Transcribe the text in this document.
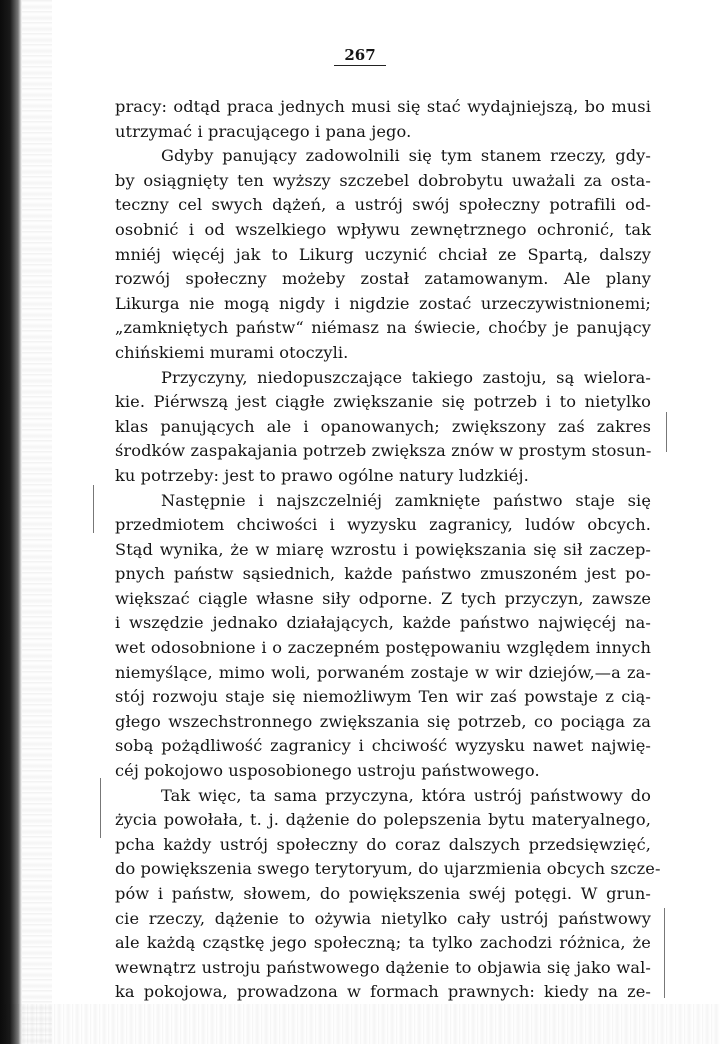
267
pracy: odtąd praca jednych musi się stać wydajniejszą, bo musi
utrzymać i pracującego i pana jego.
Gdyby panujący zadowolnili się tym stanem rzeczy, gdy-
by osiągnięty ten wyższy szczebel dobrobytu uważali za osta-
teczny cel swych dążeń, a ustrój swój społeczny potrafili od-
osobnić i od wszelkiego wpływu zewnętrznego ochronić, tak
mniéj więcéj jak to Likurg uczynić chciał ze Spartą, dalszy
rozwój społeczny możeby został zatamowanym. Ale plany
Likurga nie mogą nigdy i nigdzie zostać urzeczywistnionemi;
„zamkniętych państw“ niémasz na świecie, choćby je panujący
chińskiemi murami otoczyli.
Przyczyny, niedopuszczające takiego zastoju, są wielora-
kie. Piérwszą jest ciągłe zwiększanie się potrzeb i to nietylko
klas panujących ale i opanowanych; zwiększony zaś zakres
środków zaspakajania potrzeb zwiększa znów w prostym stosun-
ku potrzeby: jest to prawo ogólne natury ludzkiéj.
Następnie i najszczelniéj zamknięte państwo staje się
przedmiotem chciwości i wyzysku zagranicy, ludów obcych.
Stąd wynika, że w miarę wzrostu i powiększania się sił zaczep-
pnych państw sąsiednich, każde państwo zmuszoném jest po-
większać ciągle własne siły odporne. Z tych przyczyn, zawsze
i wszędzie jednako działających, każde państwo najwięcéj na-
wet odosobnione i o zaczepném postępowaniu względem innych
niemyślące, mimo woli, porwaném zostaje w wir dziejów,—a za-
stój rozwoju staje się niemożliwym Ten wir zaś powstaje z cią-
głego wszechstronnego zwiększania się potrzeb, co pociąga za
sobą pożądliwość zagranicy i chciwość wyzysku nawet najwię-
céj pokojowo usposobionego ustroju państwowego.
Tak więc, ta sama przyczyna, która ustrój państwowy do
życia powołała, t. j. dążenie do polepszenia bytu materyalnego,
pcha każdy ustrój społeczny do coraz dalszych przedsięwzięć,
do powiększenia swego terytoryum, do ujarzmienia obcych szcze-
pów i państw, słowem, do powiększenia swéj potęgi. W grun-
cie rzeczy, dążenie to ożywia nietylko cały ustrój państwowy
ale każdą cząstkę jego społeczną; ta tylko zachodzi różnica, że
wewnątrz ustroju państwowego dążenie to objawia się jako wal-
ka pokojowa, prowadzona w formach prawnych: kiedy na ze-
